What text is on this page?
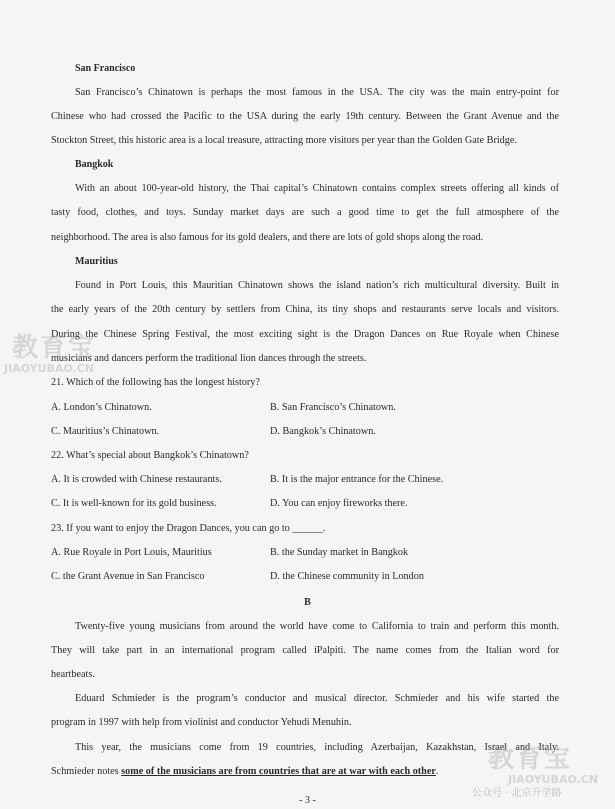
San Francisco
San Francisco’s Chinatown is perhaps the most famous in the USA. The city was the main entry-point for
Chinese who had crossed the Pacific to the USA during the early 19th century. Between the Grant Avenue and the
Stockton Street, this historic area is a local treasure, attracting more visitors per year than the Golden Gate Bridge.
Bangkok
With an about 100-year-old history, the Thai capital’s Chinatown contains complex streets offering all kinds of
tasty food, clothes, and toys. Sunday market days are such a good time to get the full atmosphere of the
neighborhood. The area is also famous for its gold dealers, and there are lots of gold shops along the road.
Mauritius
Found in Port Louis, this Mauritian Chinatown shows the island nation’s rich multicultural diversity. Built in
the early years of the 20th century by settlers from China, its tiny shops and restaurants serve locals and visitors.
During the Chinese Spring Festival, the most exciting sight is the Dragon Dances on Rue Royale when Chinese
musicians and dancers perform the traditional lion dances through the streets.
21. Which of the following has the longest history?
A. London’s Chinatown.	B. San Francisco’s Chinatown.
C. Mauritius’s Chinatown.	D. Bangkok’s Chinatown.
22. What’s special about Bangkok’s Chinatown?
A. It is crowded with Chinese restaurants.	B. It is the major entrance for the Chinese.
C. It is well-known for its gold business.	D. You can enjoy fireworks there.
23. If you want to enjoy the Dragon Dances, you can go to ______.
A. Rue Royale in Port Louis, Mauritius	B. the Sunday market in Bangkok
C. the Grant Avenue in San Francisco	D. the Chinese community in London
B
Twenty-five young musicians from around the world have come to California to train and perform this month.
They will take part in an international program called iPalpiti. The name comes from the Italian word for
heartbeats.
Eduard Schmieder is the program’s conductor and musical director. Schmieder and his wife started the
program in 1997 with help from violinist and conductor Yehudi Menuhin.
This year, the musicians come from 19 countries, including Azerbaijan, Kazakhstan, Israel and Italy.
Schmieder notes some of the musicians are from countries that are at war with each other.
- 3 -
教育宝
JIAOYUBAO.CN
教育宝
JIAOYUBAO.CN
公众号 · 北京升学路
